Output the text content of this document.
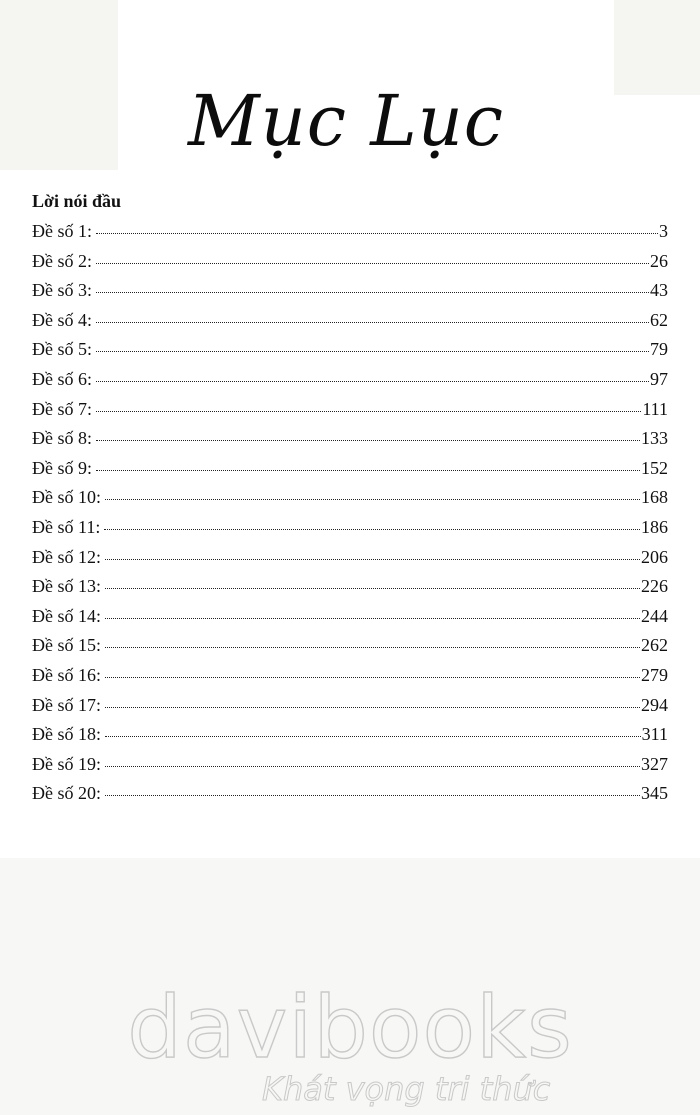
Mục Lục
Lời nói đầu
Đề số 1:	3
Đề số 2:	26
Đề số 3:	43
Đề số 4:	62
Đề số 5:	79
Đề số 6:	97
Đề số 7:	111
Đề số 8:	133
Đề số 9:	152
Đề số 10:	168
Đề số 11:	186
Đề số 12:	206
Đề số 13:	226
Đề số 14:	244
Đề số 15:	262
Đề số 16:	279
Đề số 17:	294
Đề số 18:	311
Đề số 19:	327
Đề số 20:	345
davibooks
Khát vọng tri thức
